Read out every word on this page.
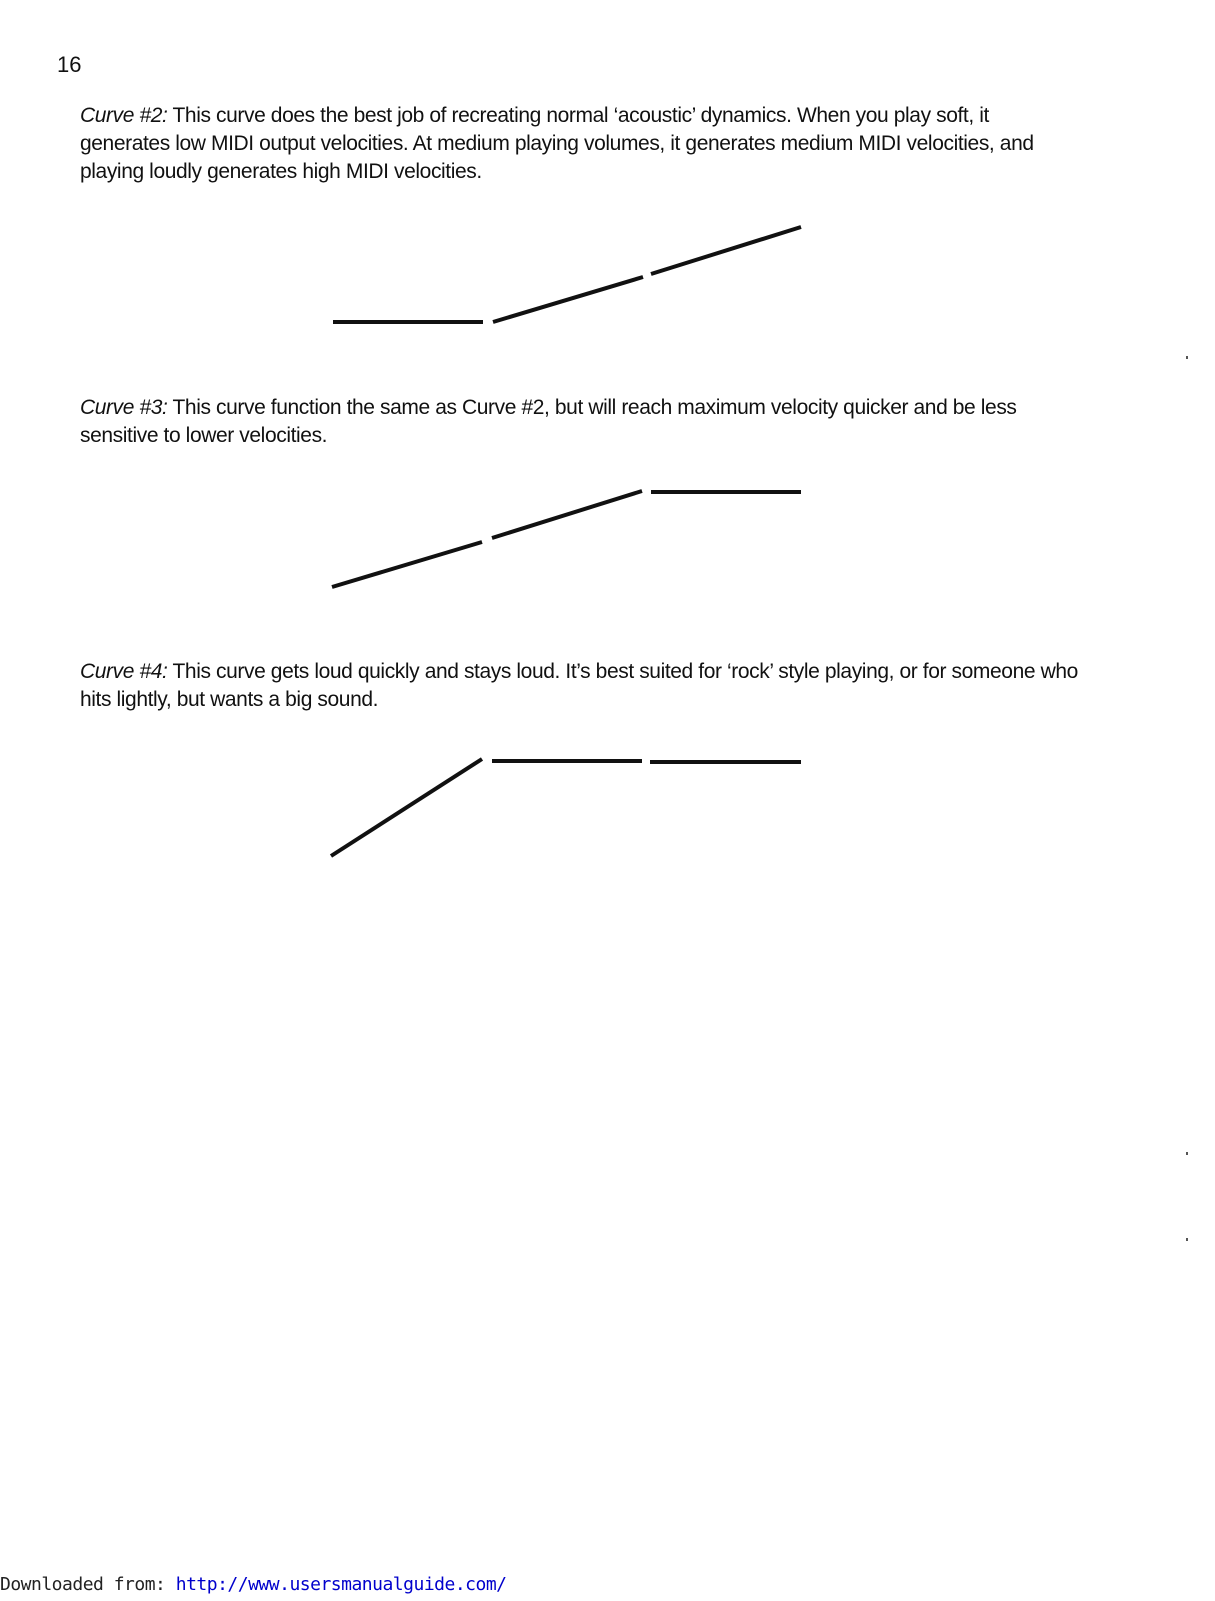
16
Curve #2: This curve does the best job of recreating normal ‘acoustic’ dynamics. When you play soft, it generates low MIDI output velocities. At medium playing volumes, it generates medium MIDI velocities, and playing loudly generates high MIDI velocities.
Curve #3: This curve function the same as Curve #2, but will reach maximum velocity quicker and be less sensitive to lower velocities.
Curve #4: This curve gets loud quickly and stays loud. It’s best suited for ‘rock’ style playing, or for someone who hits lightly, but wants a big sound.
Downloaded from: http://www.usersmanualguide.com/
